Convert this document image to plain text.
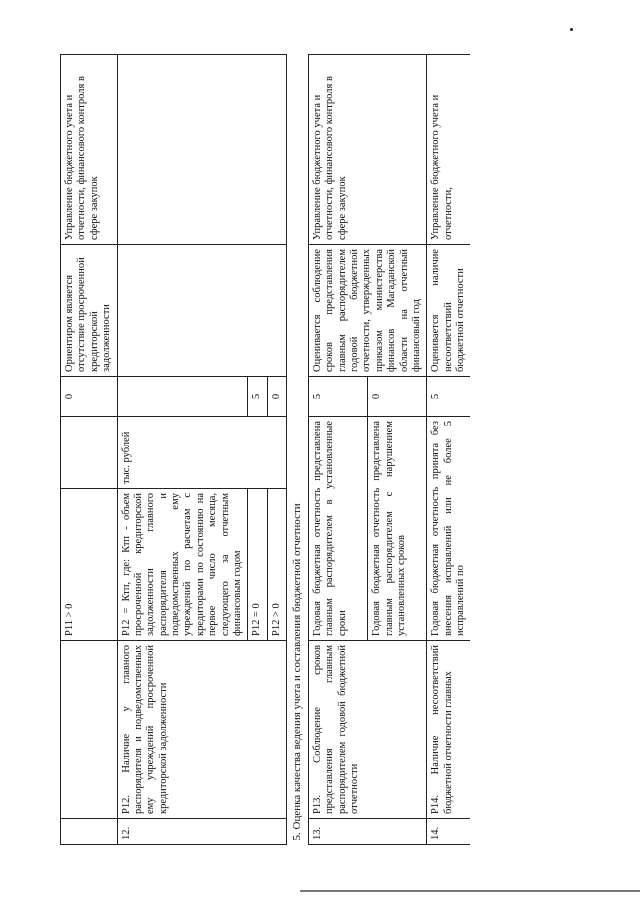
		P11 > 0		0	Ориентиром является отсутствие просроченной кредиторской задолженности	Управление бюджетного учета и отчетности, финансового контроля в сфере закупок
12.	P12. Наличие у главного распорядителя и подведомственных ему учреждений просроченной кредиторской задолженности	P12 = Ктп, где: Ктп - объем просроченной кредиторской задолженности главного распорядителя и подведомственных ему учреждений по расчетам с кредиторами по состоянию на первое число месяца, следующего за отчетным финансовым годом	тыс. рублей			
		P12 = 0		5		
		P12 > 0		0		
5. Оценка качества ведения учета и составления бюджетной отчетности						
13.	P13. Соблюдение сроков представления главным распорядителем годовой бюджетной отчетности	Годовая бюджетная отчетность представлена главным распорядителем в установленные сроки		5	Оценивается соблюдение сроков представления главным распорядителем годовой бюджетной отчетности, утвержденных приказом министерства финансов Магаданской области на отчетный финансовый год	Управление бюджетного учета и отчетности, финансового контроля в сфере закупок
		Годовая бюджетная отчетность представлена главным распорядителем с нарушением установленных сроков		0		
14.	P14. Наличие несоответствий бюджетной отчетности главных	Годовая бюджетная отчетность принята без внесения исправлений или не более 5 исправлений по		5	Оценивается наличие несоответствий бюджетной отчетности	Управление бюджетного учета и отчетности,
